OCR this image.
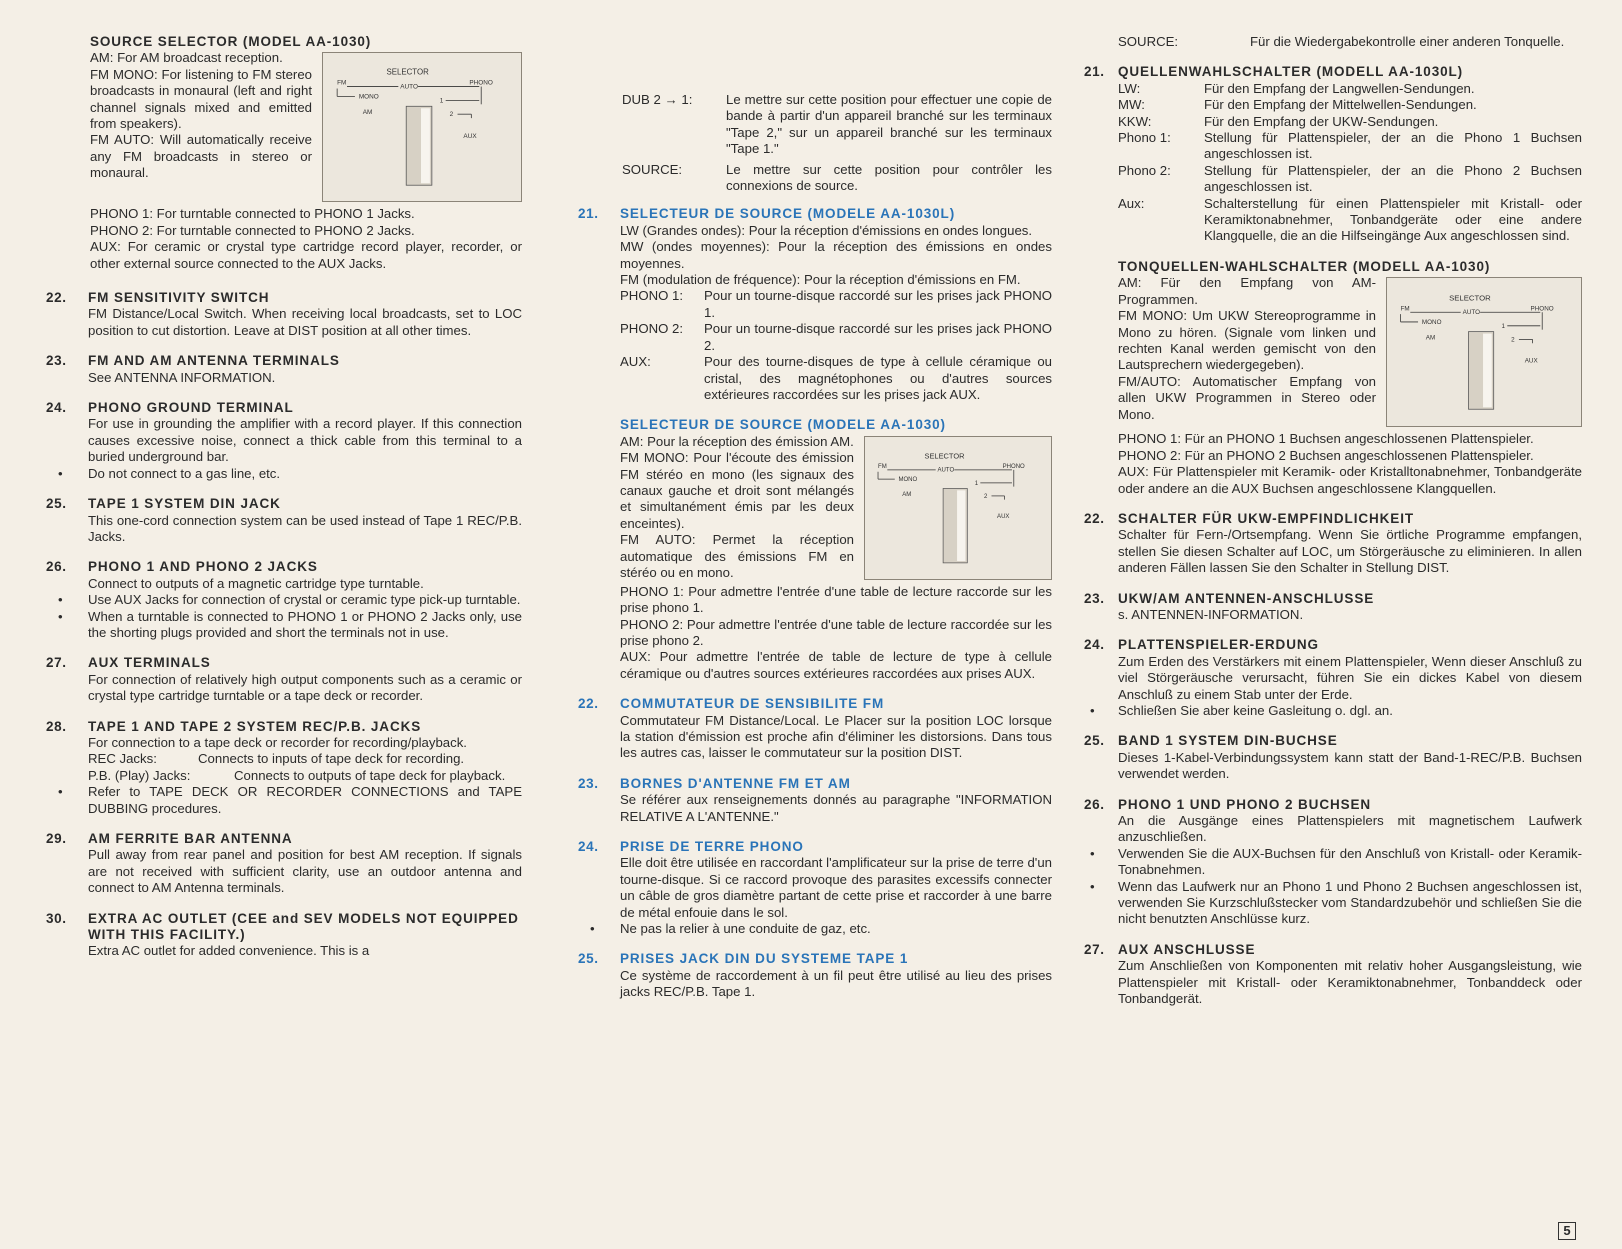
SOURCE SELECTOR (MODEL AA-1030)
SELECTOR
FM
AUTO
PHONO
MONO
AM
1
2
AUX
AM: For AM broadcast reception.
FM MONO: For listening to FM stereo broadcasts in monaural (left and right channel signals mixed and emitted from speakers).
FM AUTO: Will automatically receive any FM broadcasts in stereo or monaural.
PHONO 1: For turntable connected to PHONO 1 Jacks.
PHONO 2: For turntable connected to PHONO 2 Jacks.
AUX: For ceramic or crystal type cartridge record player, recorder, or other external source connected to the AUX Jacks.
22.	FM SENSITIVITY SWITCH
FM Distance/Local Switch. When receiving local broadcasts, set to LOC position to cut distortion. Leave at DIST position at all other times.
23.	FM AND AM ANTENNA TERMINALS
See ANTENNA INFORMATION.
24.	PHONO GROUND TERMINAL
For use in grounding the amplifier with a record player. If this connection causes excessive noise, connect a thick cable from this terminal to a buried underground bar.
• Do not connect to a gas line, etc.
25.	TAPE 1 SYSTEM DIN JACK
This one-cord connection system can be used instead of Tape 1 REC/P.B. Jacks.
26.	PHONO 1 AND PHONO 2 JACKS
Connect to outputs of a magnetic cartridge type turntable.
• Use AUX Jacks for connection of crystal or ceramic type pick-up turntable.
• When a turntable is connected to PHONO 1 or PHONO 2 Jacks only, use the shorting plugs provided and short the terminals not in use.
27.	AUX TERMINALS
For connection of relatively high output components such as a ceramic or crystal type cartridge turntable or a tape deck or recorder.
28.	TAPE 1 AND TAPE 2 SYSTEM REC/P.B. JACKS
For connection to a tape deck or recorder for recording/playback.
REC Jacks:	Connects to inputs of tape deck for recording.
P.B. (Play) Jacks:	Connects to outputs of tape deck for playback.
• Refer to TAPE DECK OR RECORDER CONNECTIONS and TAPE DUBBING procedures.
29.	AM FERRITE BAR ANTENNA
Pull away from rear panel and position for best AM reception. If signals are not received with sufficient clarity, use an outdoor antenna and connect to AM Antenna terminals.
30.	EXTRA AC OUTLET (CEE and SEV MODELS NOT EQUIPPED WITH THIS FACILITY.)
Extra AC outlet for added convenience. This is a
DUB 2 → 1:	Le mettre sur cette position pour effectuer une copie de bande à partir d'un appareil branché sur les terminaux "Tape 2," sur un appareil branché sur les terminaux "Tape 1."
SOURCE:	Le mettre sur cette position pour contrôler les connexions de source.
21.	SELECTEUR DE SOURCE (MODELE AA-1030L)
LW (Grandes ondes): Pour la réception d'émissions en ondes longues.
MW (ondes moyennes): Pour la réception des émissions en ondes moyennes.
FM (modulation de fréquence): Pour la réception d'émissions en FM.
PHONO 1:	Pour un tourne-disque raccordé sur les prises jack PHONO 1.
PHONO 2:	Pour un tourne-disque raccordé sur les prises jack PHONO 2.
AUX:	Pour des tourne-disques de type à cellule céramique ou cristal, des magnétophones ou d'autres sources extérieures raccordées sur les prises jack AUX.
SELECTEUR DE SOURCE (MODELE AA-1030)
SELECTOR
FM
AUTO
PHONO
MONO
AM
1
2
AUX
AM: Pour la réception des émission AM.
FM MONO: Pour l'écoute des émission FM stéréo en mono (les signaux des canaux gauche et droit sont mélangés et simultanément émis par les deux enceintes).
FM AUTO: Permet la réception automatique des émissions FM en stéréo ou en mono.
PHONO 1: Pour admettre l'entrée d'une table de lecture raccorde sur les prise phono 1.
PHONO 2: Pour admettre l'entrée d'une table de lecture raccordée sur les prise phono 2.
AUX: Pour admettre l'entrée de table de lecture de type à cellule céramique ou d'autres sources extérieures raccordées aux prises AUX.
22.	COMMUTATEUR DE SENSIBILITE FM
Commutateur FM Distance/Local. Le Placer sur la position LOC lorsque la station d'émission est proche afin d'éliminer les distorsions. Dans tous les autres cas, laisser le commutateur sur la position DIST.
23.	BORNES D'ANTENNE FM ET AM
Se référer aux renseignements donnés au paragraphe "INFORMATION RELATIVE A L'ANTENNE."
24.	PRISE DE TERRE PHONO
Elle doit être utilisée en raccordant l'amplificateur sur la prise de terre d'un tourne-disque. Si ce raccord provoque des parasites excessifs connecter un câble de gros diamètre partant de cette prise et raccorder à une barre de métal enfouie dans le sol.
• Ne pas la relier à une conduite de gaz, etc.
25.	PRISES JACK DIN DU SYSTEME TAPE 1
Ce système de raccordement à un fil peut être utilisé au lieu des prises jacks REC/P.B. Tape 1.
SOURCE:	Für die Wiedergabekontrolle einer anderen Tonquelle.
21. QUELLENWAHLSCHALTER (MODELL AA-1030L)
LW:	Für den Empfang der Langwellen-Sendungen.
MW:	Für den Empfang der Mittelwellen-Sendungen.
KKW:	Für den Empfang der UKW-Sendungen.
Phono 1:	Stellung für Plattenspieler, der an die Phono 1 Buchsen angeschlossen ist.
Phono 2:	Stellung für Plattenspieler, der an die Phono 2 Buchsen angeschlossen ist.
Aux:	Schalterstellung für einen Plattenspieler mit Kristall- oder Keramiktonabnehmer, Tonbandgeräte oder eine andere Klangquelle, die an die Hilfseingänge Aux angeschlossen sind.
TONQUELLEN-WAHLSCHALTER (MODELL AA-1030)
SELECTOR
FM
AUTO
PHONO
MONO
AM
1
2
AUX
AM: Für den Empfang von AM-Programmen.
FM MONO: Um UKW Stereoprogramme in Mono zu hören. (Signale vom linken und rechten Kanal werden gemischt von den Lautsprechern wiedergegeben).
FM/AUTO: Automatischer Empfang von allen UKW Programmen in Stereo oder Mono.
PHONO 1: Für an PHONO 1 Buchsen angeschlossenen Plattenspieler.
PHONO 2: Für an PHONO 2 Buchsen angeschlossenen Plattenspieler.
AUX: Für Plattenspieler mit Keramik- oder Kristalltonabnehmer, Tonbandgeräte oder andere an die AUX Buchsen angeschlossene Klangquellen.
22. SCHALTER FÜR UKW-EMPFINDLICHKEIT
Schalter für Fern-/Ortsempfang. Wenn Sie örtliche Programme empfangen, stellen Sie diesen Schalter auf LOC, um Störgeräusche zu eliminieren. In allen anderen Fällen lassen Sie den Schalter in Stellung DIST.
23. UKW/AM ANTENNEN-ANSCHLUSSE
s. ANTENNEN-INFORMATION.
24. PLATTENSPIELER-ERDUNG
Zum Erden des Verstärkers mit einem Plattenspieler, Wenn dieser Anschluß zu viel Störgeräusche verursacht, führen Sie ein dickes Kabel von diesem Anschluß zu einem Stab unter der Erde.
• Schließen Sie aber keine Gasleitung o. dgl. an.
25. BAND 1 SYSTEM DIN-BUCHSE
Dieses 1-Kabel-Verbindungssystem kann statt der Band-1-REC/P.B. Buchsen verwendet werden.
26. PHONO 1 UND PHONO 2 BUCHSEN
An die Ausgänge eines Plattenspielers mit magnetischem Laufwerk anzuschließen.
• Verwenden Sie die AUX-Buchsen für den Anschluß von Kristall- oder Keramik-Tonabnehmen.
• Wenn das Laufwerk nur an Phono 1 und Phono 2 Buchsen angeschlossen ist, verwenden Sie Kurzschlußstecker vom Standardzubehör und schließen Sie die nicht benutzten Anschlüsse kurz.
27. AUX ANSCHLUSSE
Zum Anschließen von Komponenten mit relativ hoher Ausgangsleistung, wie Plattenspieler mit Kristall- oder Keramiktonabnehmer, Tonbanddeck oder Tonbandgerät.
5
